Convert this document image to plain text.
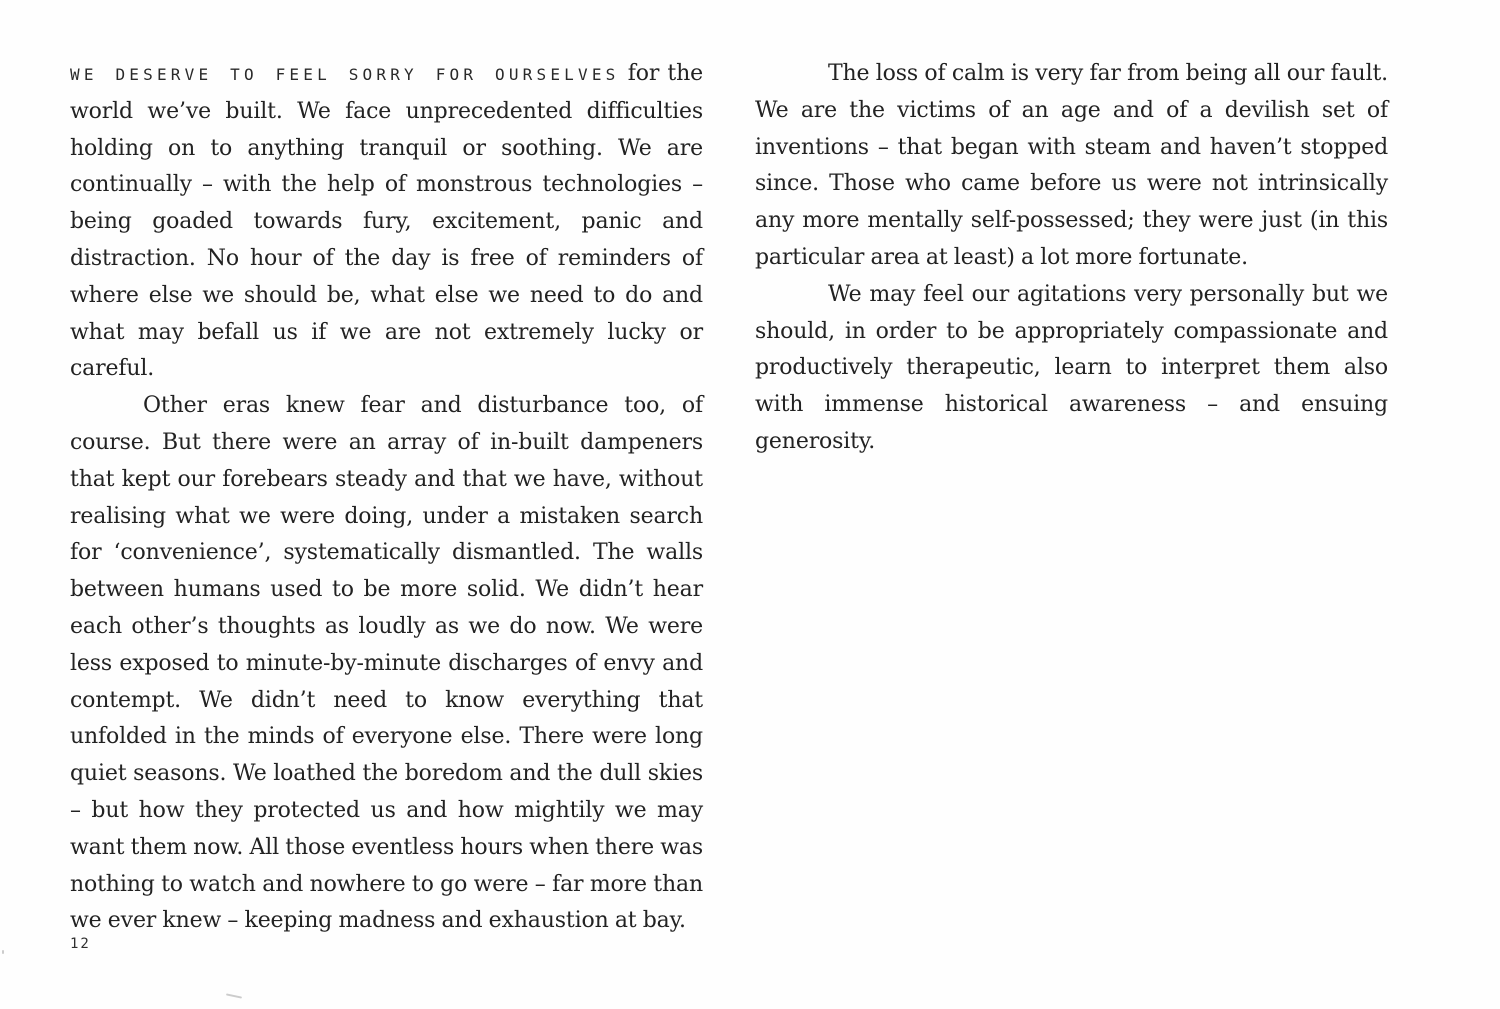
WE DESERVE TO FEEL SORRY FOR OURSELVES for the world we’ve built. We face unprecedented difficulties holding on to anything tranquil or soothing. We are continually – with the help of monstrous technologies – being goaded towards fury, excitement, panic and distraction. No hour of the day is free of reminders of where else we should be, what else we need to do and what may befall us if we are not extremely lucky or careful.

Other eras knew fear and disturbance too, of course. But there were an array of in-built dampeners that kept our forebears steady and that we have, without realising what we were doing, under a mistaken search for ‘convenience’, systematically dismantled. The walls between humans used to be more solid. We didn’t hear each other’s thoughts as loudly as we do now. We were less exposed to minute-by-minute discharges of envy and contempt. We didn’t need to know everything that unfolded in the minds of everyone else. There were long quiet seasons. We loathed the boredom and the dull skies – but how they protected us and how mightily we may want them now. All those eventless hours when there was nothing to watch and nowhere to go were – far more than we ever knew – keeping madness and exhaustion at bay.

The loss of calm is very far from being all our fault. We are the victims of an age and of a devilish set of inventions – that began with steam and haven’t stopped since. Those who came before us were not intrinsically any more mentally self-possessed; they were just (in this particular area at least) a lot more fortunate.

We may feel our agitations very personally but we should, in order to be appropriately compassionate and productively therapeutic, learn to interpret them also with immense historical awareness – and ensuing generosity.

12
